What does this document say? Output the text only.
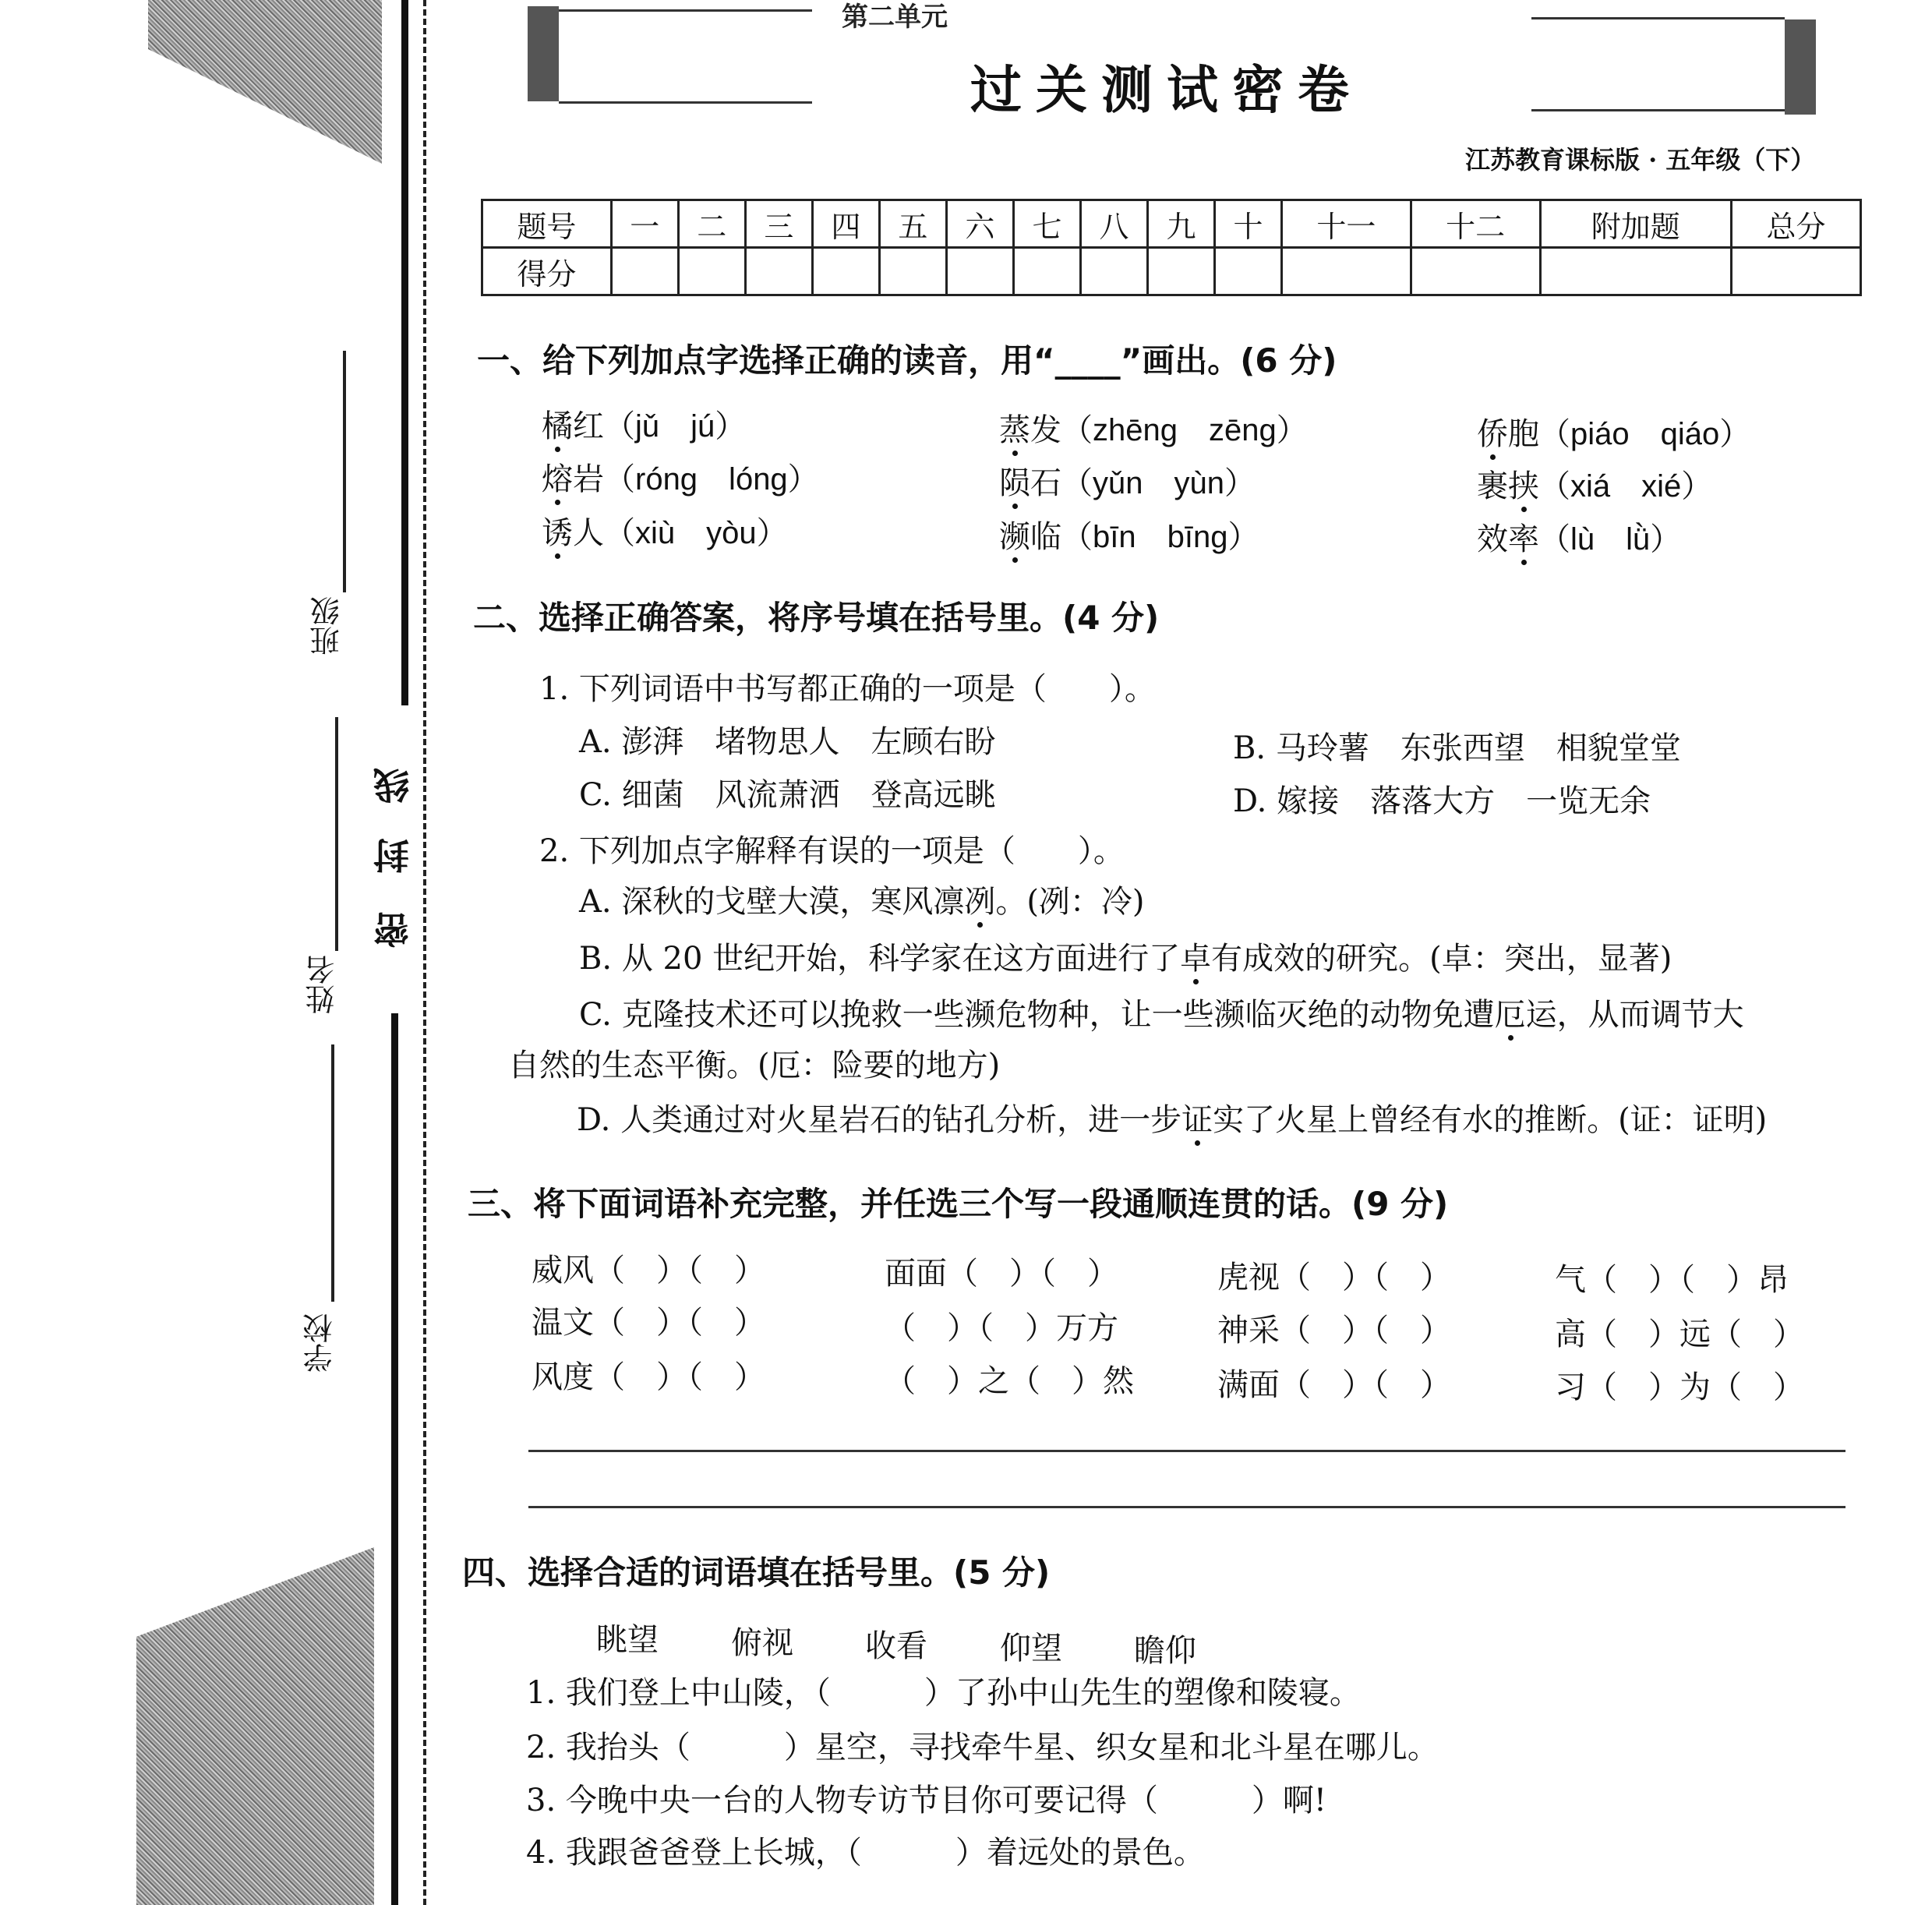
班级
姓名
学校
线
封
密
第二单元
过关测试密卷
江苏教育课标版 · 五年级（下）
题号	一	二	三	四	五	六	七	八	九	十	十一	十二	附加题	总分
得分														
一、给下列加点字选择正确的读音，用“____”画出。(6 分)
橘红（jǔ　jú）	蒸发（zhēng　zēng）	侨胞（piáo　qiáo）
熔岩（róng　lóng）	陨石（yǔn　yùn）	裹挟（xiá　xié）
诱人（xiù　yòu）	濒临（bīn　bīng）	效率（lù　lǜ）
二、选择正确答案，将序号填在括号里。(4 分)
1. 下列词语中书写都正确的一项是（　　）。
A. 澎湃　堵物思人　左顾右盼	B. 马玲薯　东张西望　相貌堂堂
C. 细菌　风流萧洒　登高远眺	D. 嫁接　落落大方　一览无余
2. 下列加点字解释有误的一项是（　　）。
A. 深秋的戈壁大漠，寒风凛冽。(冽：冷)
B. 从 20 世纪开始，科学家在这方面进行了卓有成效的研究。(卓：突出，显著)
C. 克隆技术还可以挽救一些濒危物种，让一些濒临灭绝的动物免遭厄运，从而调节大
自然的生态平衡。(厄：险要的地方)
D. 人类通过对火星岩石的钻孔分析，进一步证实了火星上曾经有水的推断。(证：证明)
三、将下面词语补充完整，并任选三个写一段通顺连贯的话。(9 分)
威风（　）（　）	面面（　）（　）	虎视（　）（　）	气（　）（　）昂
温文（　）（　）	（　）（　）万方	神采（　）（　）	高（　）远（　）
风度（　）（　）	（　）之（　）然	满面（　）（　）	习（　）为（　）
四、选择合适的词语填在括号里。(5 分)
眺望 俯视 收看 仰望 瞻仰
1. 我们登上中山陵，（　　　）了孙中山先生的塑像和陵寝。
2. 我抬头（　　　）星空，寻找牵牛星、织女星和北斗星在哪儿。
3. 今晚中央一台的人物专访节目你可要记得（　　　）啊!
4. 我跟爸爸登上长城，（　　　）着远处的景色。
